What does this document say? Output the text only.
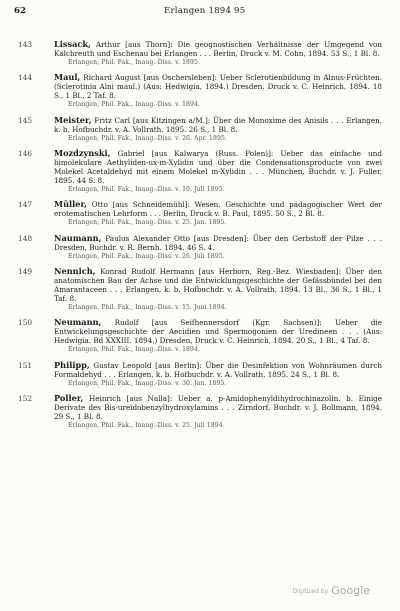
62	Erlangen 1894 95
143	Lissack, Arthur [aus Thorn]: Die geognostischen Verhältnisse der Umgegend von Kalchreuth und Eschenau bei Erlangen . . . Berlin, Druck v. M. Cohn, 1894. 53 S., 1 Bl. 8.
Erlangen, Phil. Fak., Inaug.-Diss. v. 1895.
144	Maul, Richard August [aus Oschersleben]: Ueber Sclerotienbildung in Alnus-Früchten. (Sclerotinia Alni maul.) (Aus: Hedwigia, 1894.) Dresden, Druck v. C. Heinrich, 1894. 18 S., 1 Bl., 2 Taf. 8.
Erlangen, Phil. Fak., Inaug.-Diss. v. 1894.
145	Meister, Fritz Carl [aus Kitzingen a/M.]: Über die Monoxime des Anisils . . . Erlangen, k. b. Hofbuchdr. v. A. Vollrath. 1895. 26 S., 1 Bl. 8.
Erlangen, Phil. Fak., Inaug.-Diss. v. 26. Apr. 1895.
146	Mozdzynski, Gabriel [aus Kalwarya (Russ. Polen)]: Ueber das einfache und bimolekulare Aethyliden-ux-m-Xylidin und über die Condensationsproducte von zwei Molekel Acetaldehyd mit einem Molekel m-Xylidin . . . München, Buchdr. v. J. Fuller, 1895. 44 S. 8.
Erlangen, Phil. Fak., Inaug.-Diss. v. 10. Juli 1895.
147	Müller, Otto [aus Schneidemühl]: Wesen, Geschichte und pädagogischer Wert der erotematischen Lehrform . . . Berlin, Druck v. B. Paul, 1895. 50 S., 2 Bl. 8.
Erlangen, Phil. Fak., Inaug.-Diss. v. 25. Jan. 1895.
148	Naumann, Paulus Alexander Otto [aus Dresden]: Über den Gerbstoff der Pilze . . . Dresden, Buchdr. v. R. Bernh. 1894. 46 S. 4.
Erlangen, Phil. Fak., Inaug.-Diss. v. 26. Juli 1895.
149	Nennich, Konrad Rudolf Hermann [aus Herborn, Reg.-Bez. Wiesbaden]: Über den anatomischen Bau der Achse und die Entwicklungsgeschichte der Gefässbündel bei den Amarantaceen . . . Erlangen, k. b. Hofbuchdr. v. A. Vollrath, 1894. 13 Bl., 36 S., 1 Bl., 1 Taf. 8.
Erlangen, Phil. Fak., Inaug.-Diss. v. 15. Juni 1894.
150	Neumann, Rudolf [aus Seifhennersdorf (Kgr. Sachsen)]: Ueber die Entwickelungsgeschichte der Aecidien und Spermogonien der Uredineen . . . (Aus: Hedwigia. Bd XXXIII. 1894.) Dresden, Druck v. C. Heinrich, 1894. 20 S., 1 Bl., 4 Taf. 8.
Erlangen, Phil. Fak., Inaug.-Diss. v. 1894.
151	Philipp, Gustav Leopold [aus Berlin]: Über die Desinfektion von Wohnräumen durch Formaldehyd . . . Erlangen, k. b. Hofbuchdr. v. A. Vollrath, 1895. 24 S., 1 Bl. 8.
Erlangen, Phil. Fak., Inaug.-Diss. v. 30. Jan. 1895.
152	Poller, Heinrich [aus Nalla]: Ueber a. p-Amidophenyldihydrochinazolin. b. Einige Derivate des Bis-ureïdobenzylhydroxylamins . . . Zirndorf, Buchdr. v. J. Bollmann, 1894. 29 S., 1 Bl. 8.
Erlangen, Phil. Fak., Inaug.-Diss. v. 25. Juli 1894.
Digitized by Google
